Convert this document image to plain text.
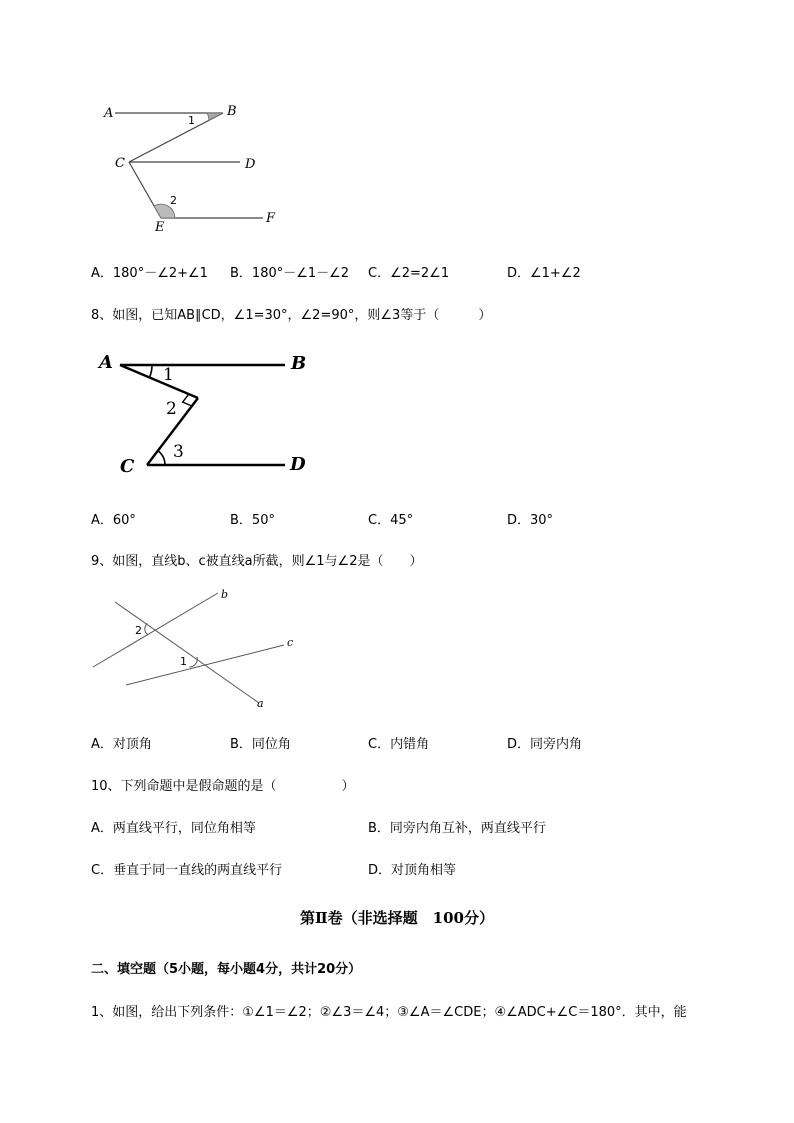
A	B
C	D
E
F
1
2
A．180°－∠2+∠1 B．180°－∠1－∠2 C．∠2=2∠1	D．∠1+∠2
8、如图，已知AB∥CD，∠1=30°，∠2=90°，则∠3等于（　　　）
A	B
C	D
1
2
3
A．60°	B．50°	C．45°	D．30°
9、如图，直线b、c被直线a所截，则∠1与∠2是（　　）
b
c
a
2
1
A．对顶角	B．同位角	C．内错角	D．同旁内角
10、下列命题中是假命题的是（　　　　　）
A．两直线平行，同位角相等	B．同旁内角互补，两直线平行
C．垂直于同一直线的两直线平行	D．对顶角相等
第Ⅱ卷（非选择题　100分）
二、填空题（5小题，每小题4分，共计20分）
1、如图，给出下列条件：①∠1＝∠2；②∠3＝∠4；③∠A＝∠CDE；④∠ADC+∠C＝180°．其中，能
